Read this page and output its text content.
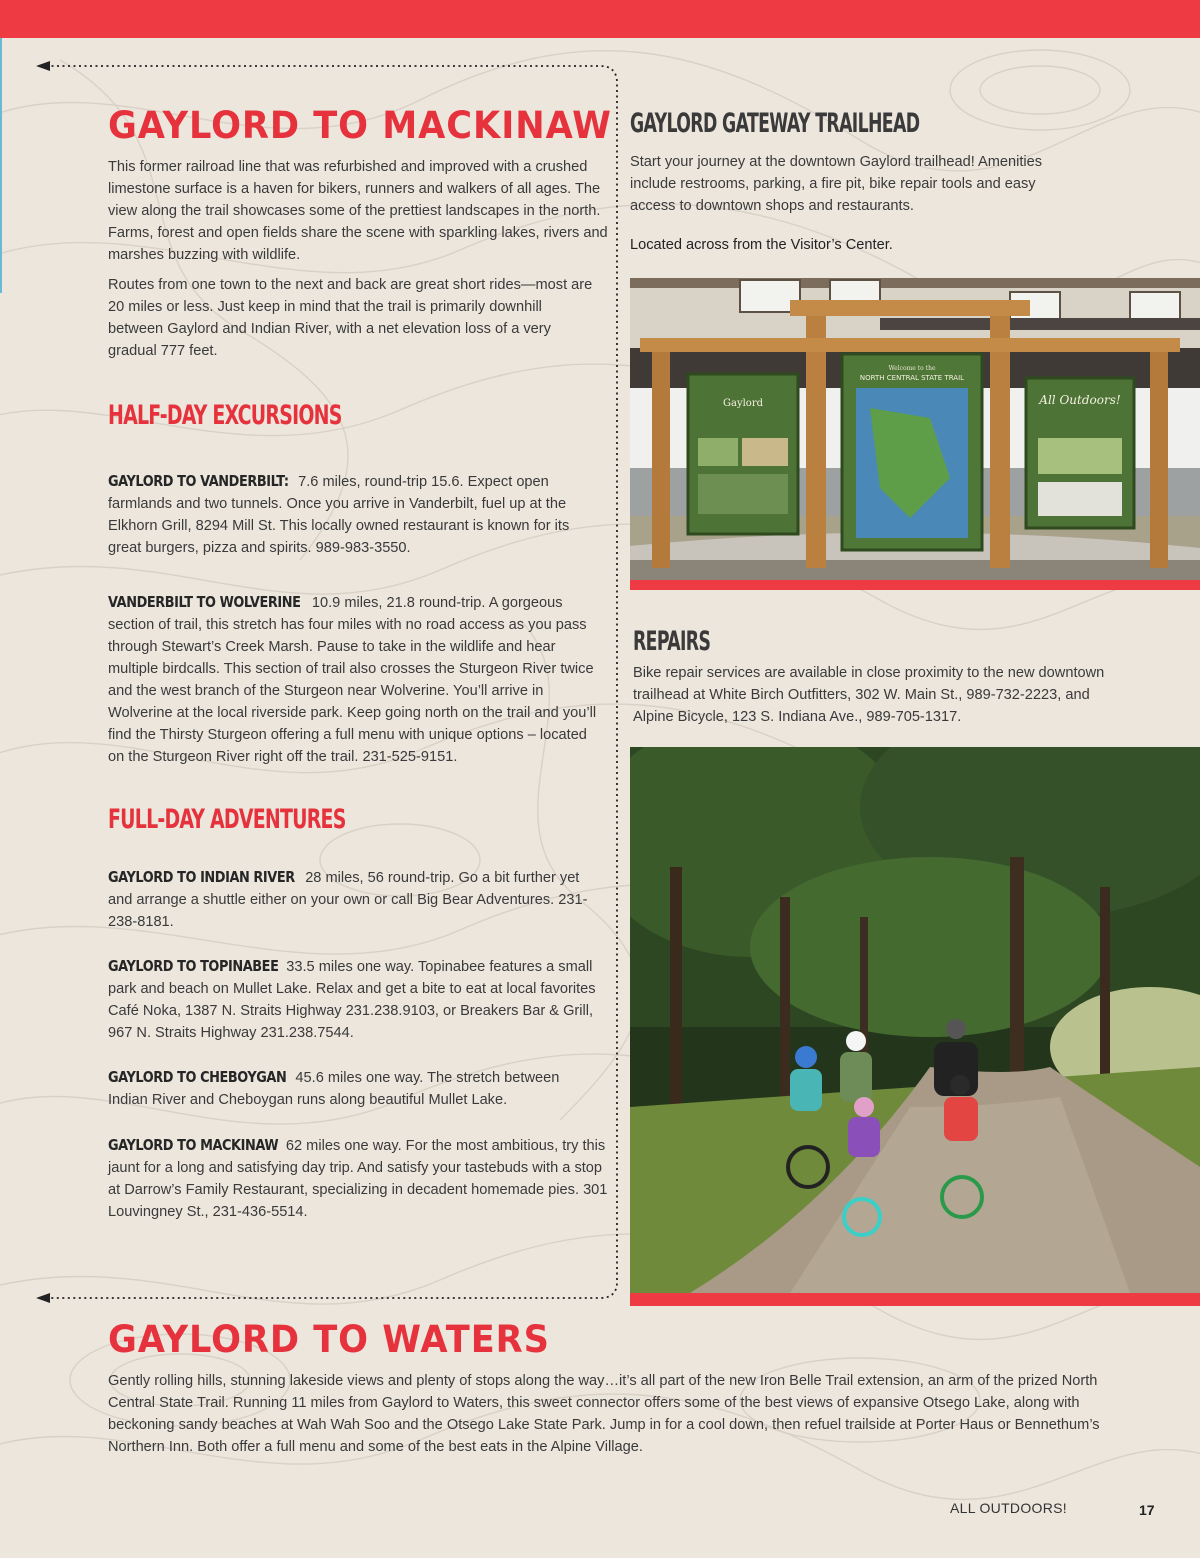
GAYLORD TO MACKINAW

This former railroad line that was refurbished and improved with a crushed limestone surface is a haven for bikers, runners and walkers of all ages. The view along the trail showcases some of the prettiest landscapes in the north. Farms, forest and open fields share the scene with sparkling lakes, rivers and marshes buzzing with wildlife.

Routes from one town to the next and back are great short rides—most are 20 miles or less. Just keep in mind that the trail is primarily downhill between Gaylord and Indian River, with a net elevation loss of a very gradual 777 feet.

HALF-DAY EXCURSIONS

GAYLORD TO VANDERBILT: 7.6 miles, round-trip 15.6. Expect open farmlands and two tunnels. Once you arrive in Vanderbilt, fuel up at the Elkhorn Grill, 8294 Mill St. This locally owned restaurant is known for its great burgers, pizza and spirits. 989-983-3550.

VANDERBILT TO WOLVERINE 10.9 miles, 21.8 round-trip. A gorgeous section of trail, this stretch has four miles with no road access as you pass through Stewart’s Creek Marsh. Pause to take in the wildlife and hear multiple birdcalls. This section of trail also crosses the Sturgeon River twice and the west branch of the Sturgeon near Wolverine. You’ll arrive in Wolverine at the local riverside park. Keep going north on the trail and you’ll find the Thirsty Sturgeon offering a full menu with unique options – located on the Sturgeon River right off the trail. 231-525-9151.

FULL-DAY ADVENTURES

GAYLORD TO INDIAN RIVER 28 miles, 56 round-trip. Go a bit further yet and arrange a shuttle either on your own or call Big Bear Adventures. 231-238-8181.

GAYLORD TO TOPINABEE 33.5 miles one way. Topinabee features a small park and beach on Mullet Lake. Relax and get a bite to eat at local favorites Café Noka, 1387 N. Straits Highway 231.238.9103, or Breakers Bar & Grill, 967 N. Straits Highway 231.238.7544.

GAYLORD TO CHEBOYGAN 45.6 miles one way. The stretch between Indian River and Cheboygan runs along beautiful Mullet Lake.

GAYLORD TO MACKINAW 62 miles one way. For the most ambitious, try this jaunt for a long and satisfying day trip. And satisfy your tastebuds with a stop at Darrow’s Family Restaurant, specializing in decadent homemade pies. 301 Louvingney St., 231-436-5514.

GAYLORD GATEWAY TRAILHEAD

Start your journey at the downtown Gaylord trailhead! Amenities include restrooms, parking, a fire pit, bike repair tools and easy access to downtown shops and restaurants.

Located across from the Visitor’s Center.

Gaylord
Welcome to the
NORTH CENTRAL STATE TRAIL
All Outdoors!
REPAIRS

Bike repair services are available in close proximity to the new downtown trailhead at White Birch Outfitters, 302 W. Main St., 989-732-2223, and Alpine Bicycle, 123 S. Indiana Ave., 989-705-1317.

GAYLORD TO WATERS

Gently rolling hills, stunning lakeside views and plenty of stops along the way…it’s all part of the new Iron Belle Trail extension, an arm of the prized North Central State Trail. Running 11 miles from Gaylord to Waters, this sweet connector offers some of the best views of expansive Otsego Lake, along with beckoning sandy beaches at Wah Wah Soo and the Otsego Lake State Park. Jump in for a cool down, then refuel trailside at Porter Haus or Bennethum’s Northern Inn. Both offer a full menu and some of the best eats in the Alpine Village.

ALL OUTDOORS!	17
